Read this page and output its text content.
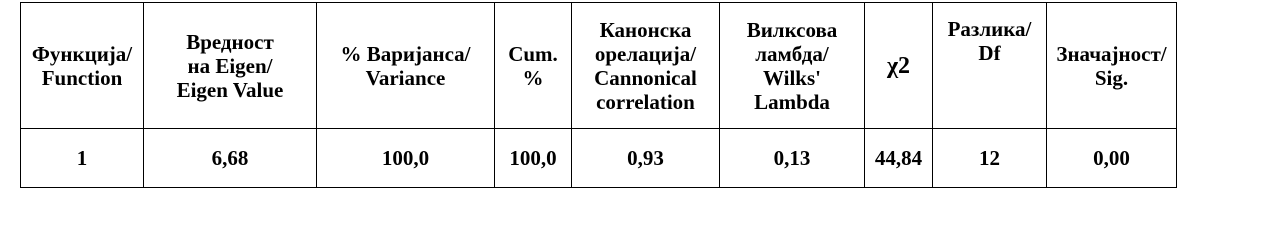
Функција/
Function	Вредност
на Eigen/
Eigen Value	% Варијанса/
Variance	Cum.
%	Канонска
орелација/
Cannonical
correlation	Вилксова
ламбда/
Wilks'
Lambda	χ2	Разлика/
Df	Значајност/
Sig.
1	6,68	100,0	100,0	0,93	0,13	44,84	12	0,00
